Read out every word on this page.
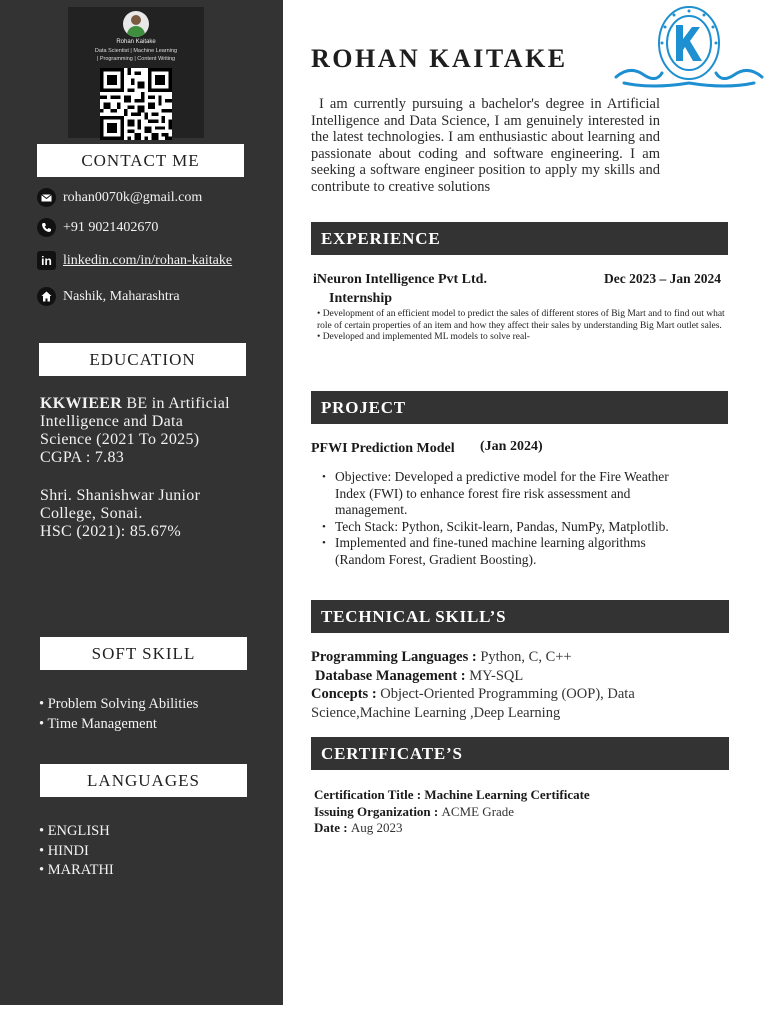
Rohan Kaitake
Data Scientist | Machine Learning
| Programming | Content Writing
CONTACT ME
rohan0070k@gmail.com
+91 9021402670
in linkedin.com/in/rohan-kaitake
Nashik, Maharashtra
EDUCATION
KKWIEER BE in Artificial
Intelligence and Data
Science (2021 To 2025)
CGPA : 7.83
Shri. Shanishwar Junior
College, Sonai.
HSC (2021): 85.67%
SOFT SKILL
• Problem Solving Abilities
• Time Management
LANGUAGES
• ENGLISH
• HINDI
• MARATHI
ROHAN KAITAKE

I am currently pursuing a bachelor's degree in Artificial Intelligence and Data Science, I am genuinely interested in the latest technologies. I am enthusiastic about learning and passionate about coding and software engineering. I am seeking a software engineer position to apply my skills and contribute to creative solutions

EXPERIENCE
iNeuron Intelligence Pvt Ltd.	Dec 2023 – Jan 2024
Internship
• Development of an efficient model to predict the sales of different stores of Big Mart and to find out what role of certain properties of an item and how they affect their sales by understanding Big Mart outlet sales.
• Developed and implemented ML models to solve real-
PROJECT
PFWI Prediction Model (Jan 2024)
• Objective: Developed a predictive model for the Fire Weather Index (FWI) to enhance forest fire risk assessment and management.
• Tech Stack: Python, Scikit-learn, Pandas, NumPy, Matplotlib.
• Implemented and fine-tuned machine learning algorithms (Random Forest, Gradient Boosting).
TECHNICAL SKILL’S
Programming Languages : Python, C, C++
Database Management : MY-SQL
Concepts : Object-Oriented Programming (OOP), Data Science,Machine Learning ,Deep Learning
CERTIFICATE’S
Certification Title : Machine Learning Certificate
Issuing Organization : ACME Grade
Date : Aug 2023
